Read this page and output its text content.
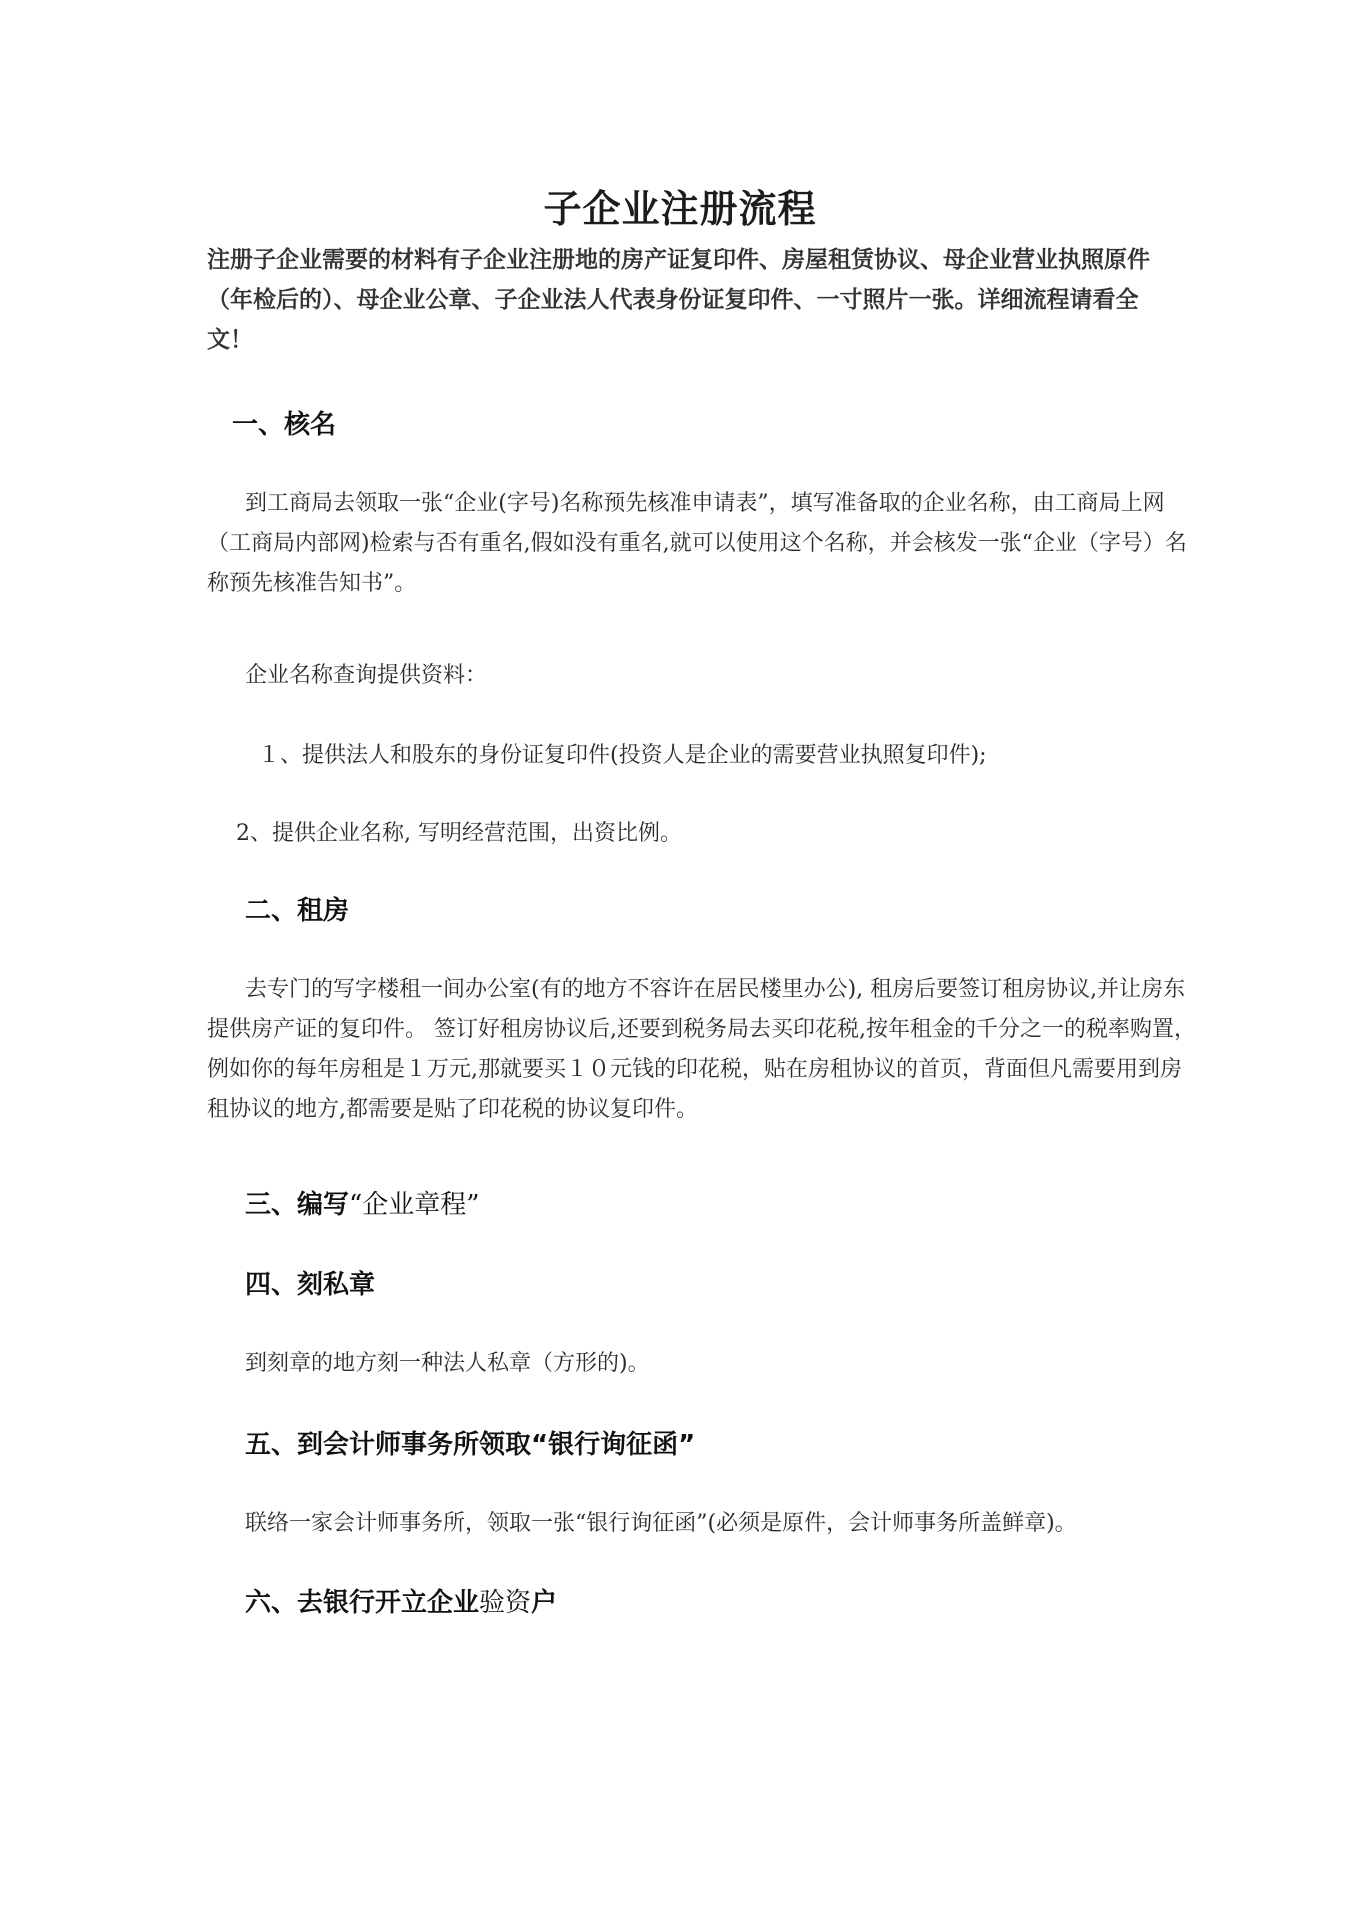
子企业注册流程
注册子企业需要的材料有子企业注册地的房产证复印件、房屋租赁协议、母企业营业执照原件（年检后的）、母企业公章、子企业法人代表身份证复印件、一寸照片一张。详细流程请看全文！
一、核名
到工商局去领取一张“企业(字号)名称预先核准申请表”，填写准备取的企业名称，由工商局上网（工商局内部网)检索与否有重名,假如没有重名,就可以使用这个名称，并会核发一张“企业（字号）名称预先核准告知书”。
企业名称查询提供资料：
１、提供法人和股东的身份证复印件(投资人是企业的需要营业执照复印件);
2、提供企业名称, 写明经营范围，出资比例。
二、租房
去专门的写字楼租一间办公室(有的地方不容许在居民楼里办公), 租房后要签订租房协议,并让房东提供房产证的复印件。 签订好租房协议后,还要到税务局去买印花税,按年租金的千分之一的税率购置，例如你的每年房租是１万元,那就要买１０元钱的印花税，贴在房租协议的首页，背面但凡需要用到房租协议的地方,都需要是贴了印花税的协议复印件。
三、编写“企业章程”
四、刻私章
到刻章的地方刻一种法人私章（方形的)。
五、到会计师事务所领取“银行询征函”
联络一家会计师事务所，领取一张“银行询征函”(必须是原件，会计师事务所盖鲜章)。
六、去银行开立企业验资户
